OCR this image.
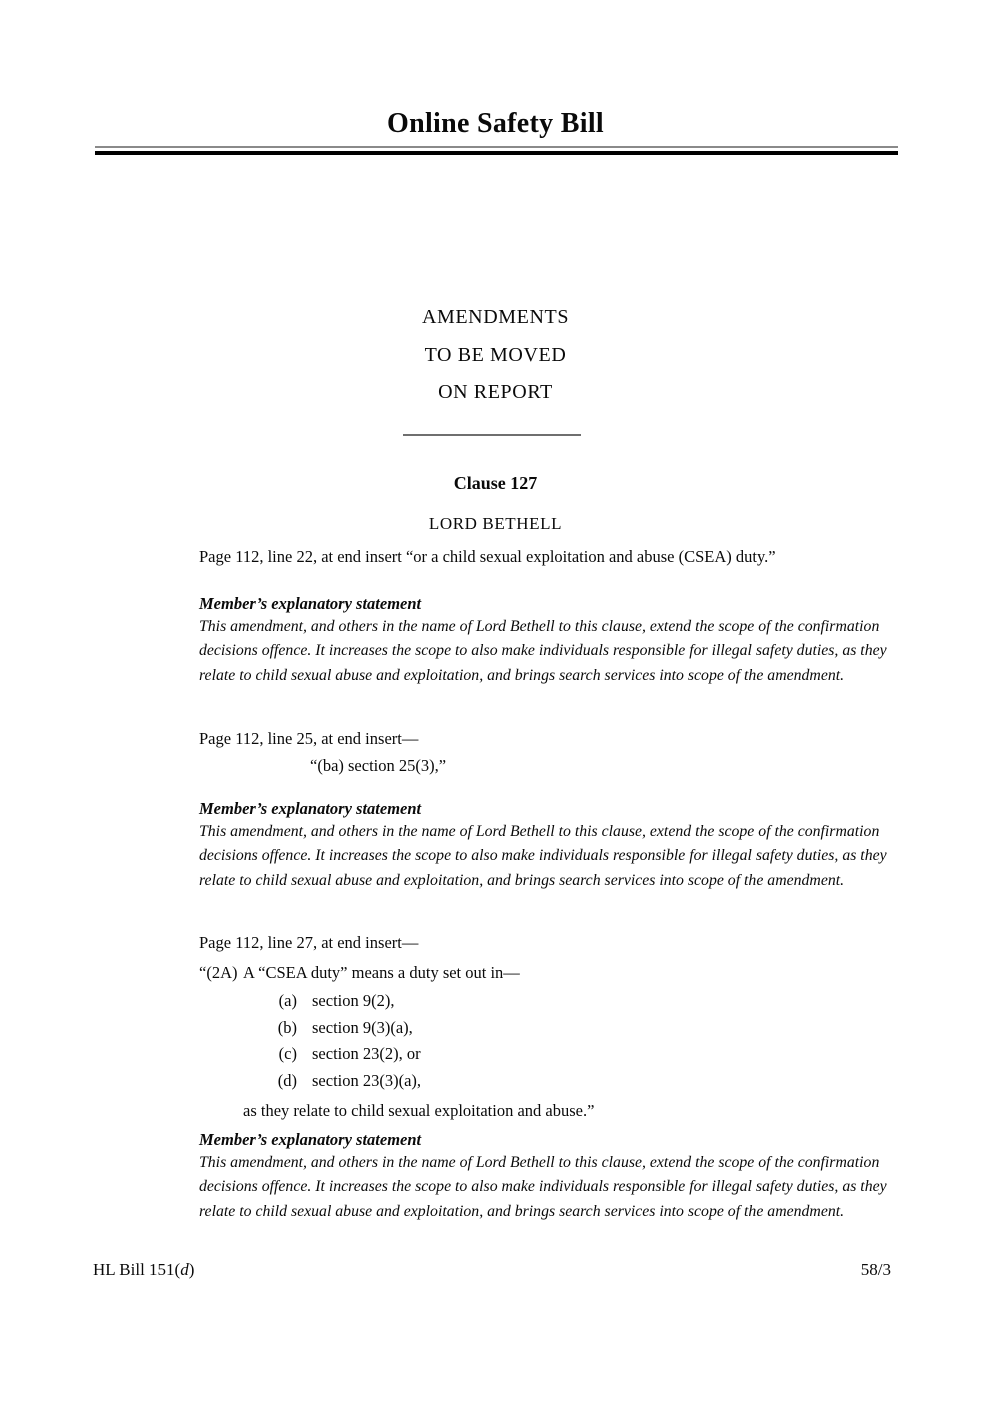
Online Safety Bill
AMENDMENTS
TO BE MOVED
ON REPORT
Clause 127
LORD BETHELL
Page 112, line 22, at end insert “or a child sexual exploitation and abuse (CSEA) duty.”
Member’s explanatory statement
This amendment, and others in the name of Lord Bethell to this clause, extend the scope of the confirmation decisions offence. It increases the scope to also make individuals responsible for illegal safety duties, as they relate to child sexual abuse and exploitation, and brings search services into scope of the amendment.
Page 112, line 25, at end insert—
“(ba) section 25(3),”
Member’s explanatory statement
This amendment, and others in the name of Lord Bethell to this clause, extend the scope of the confirmation decisions offence. It increases the scope to also make individuals responsible for illegal safety duties, as they relate to child sexual abuse and exploitation, and brings search services into scope of the amendment.
Page 112, line 27, at end insert—
“(2A) A “CSEA duty” means a duty set out in—
(a) section 9(2),
(b) section 9(3)(a),
(c) section 23(2), or
(d) section 23(3)(a),
as they relate to child sexual exploitation and abuse.”
Member’s explanatory statement
This amendment, and others in the name of Lord Bethell to this clause, extend the scope of the confirmation decisions offence. It increases the scope to also make individuals responsible for illegal safety duties, as they relate to child sexual abuse and exploitation, and brings search services into scope of the amendment.
HL Bill 151(d)	58/3
